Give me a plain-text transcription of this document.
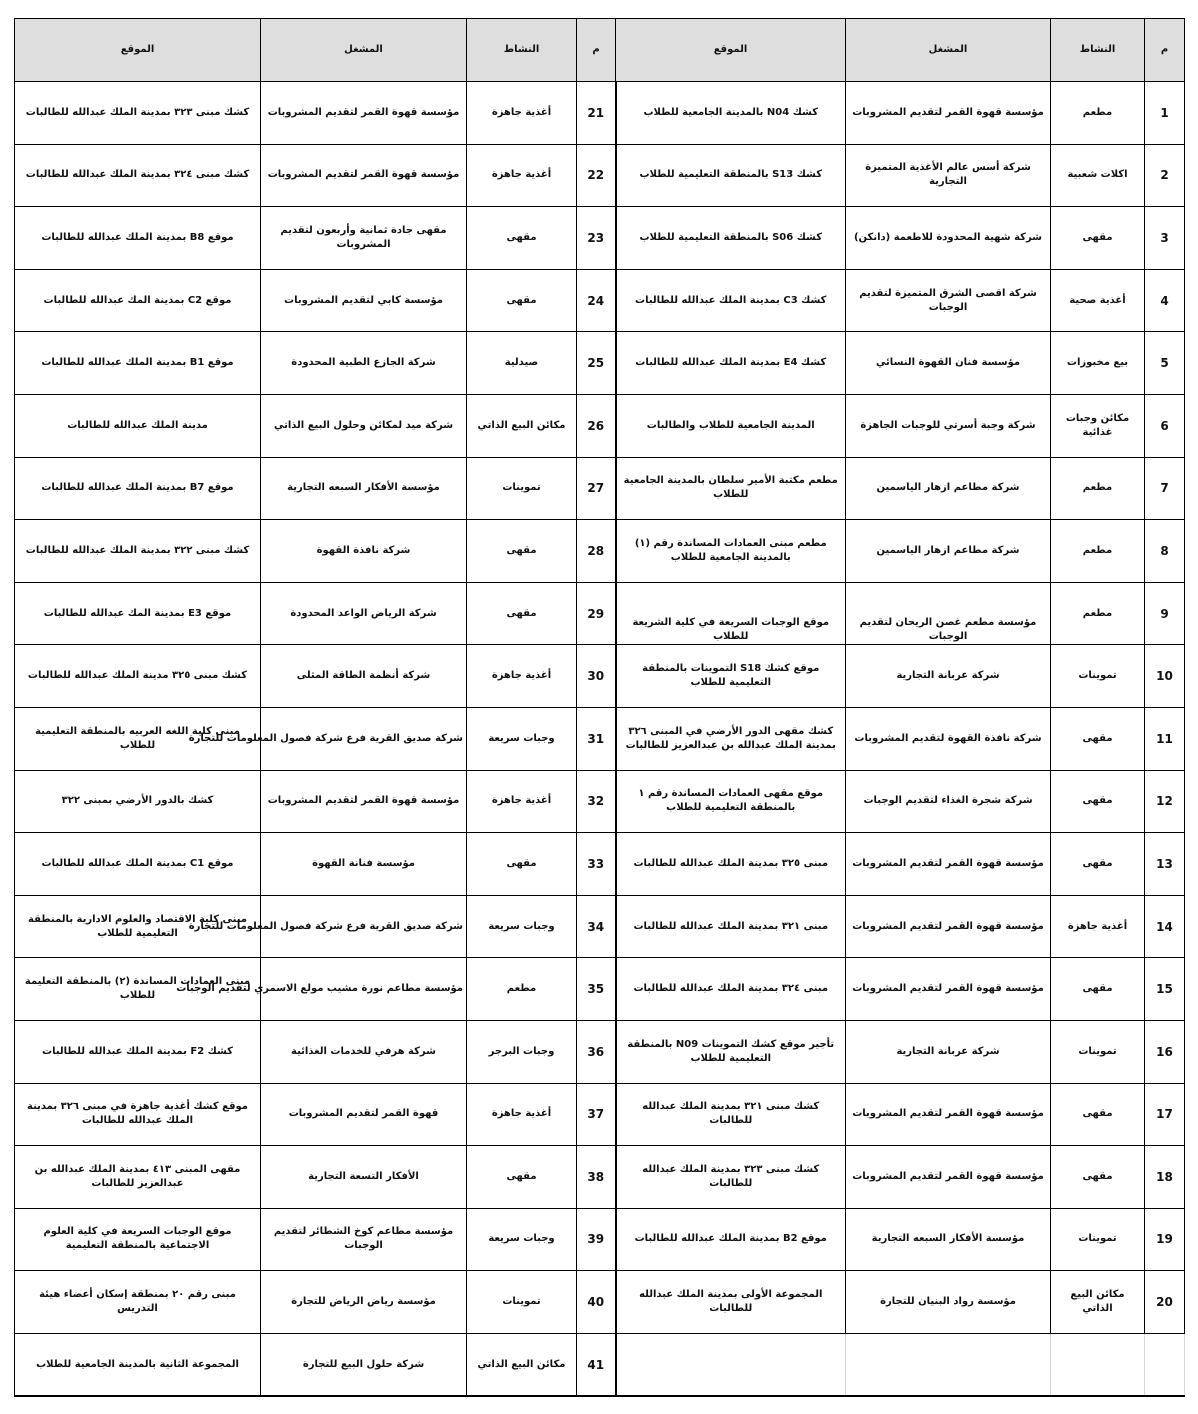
م	النشاط	المشغل	الموقع	م	النشاط	المشغل	الموقع
1	مطعم	مؤسسة قهوة القمر لتقديم المشروبات	كشك N04 بالمدينة الجامعية للطلاب	21	أغذية جاهزة	مؤسسة قهوة القمر لتقديم المشروبات	كشك مبنى ٣٢٣ بمدينة الملك عبدالله للطالبات
2	اكلات شعبية	شركة أسس عالم الأغذية المتميزة التجارية	كشك S13 بالمنطقة التعليمية للطلاب	22	أغذية جاهزة	مؤسسة قهوة القمر لتقديم المشروبات	كشك مبنى ٣٢٤ بمدينة الملك عبدالله للطالبات
3	مقهى	شركة شهية المحدودة للاطعمة (دانكن)	كشك S06 بالمنطقة التعليمية للطلاب	23	مقهى	مقهى جادة ثمانية وأربعون لتقديم المشروبات	موقع B8 بمدينة الملك عبدالله للطالبات
4	أغذية صحية	شركة اقصى الشرق المتميزة لتقديم الوجبات	كشك C3 بمدينة الملك عبدالله للطالبات	24	مقهى	مؤسسة كابي لتقديم المشروبات	موقع C2 بمدينة المك عبدالله للطالبات
5	بيع مخبوزات	مؤسسة فنان القهوة النسائي	كشك E4 بمدينة الملك عبدالله للطالبات	25	صيدلية	شركة الجازع الطبية المحدودة	موقع B1 بمدينة الملك عبدالله للطالبات
6	مكائن وجبات غذائية	شركة وجبة أسرتي للوجبات الجاهزة	المدينة الجامعية للطلاب والطالبات	26	مكائن البيع الذاتي	شركة ميد لمكائن وحلول البيع الذاتي	مدينة الملك عبدالله للطالبات
7	مطعم	شركة مطاعم ازهار الياسمين	مطعم مكتبة الأمير سلطان بالمدينة الجامعية للطلاب	27	تموينات	مؤسسة الأفكار السبعه التجارية	موقع B7 بمدينة الملك عبدالله للطالبات
8	مطعم	شركة مطاعم ازهار الياسمين	مطعم مبنى العمادات المساندة رقم (١) بالمدينة الجامعية للطلاب	28	مقهى	شركة نافذة القهوة	كشك مبنى ٣٢٢ بمدينة الملك عبدالله للطالبات
9	مطعم	مؤسسة مطعم غصن الريحان لتقديم الوجبات	موقع الوجبات السريعة في كلية الشريعة للطلاب	29	مقهى	شركة الرياض الواعد المحدودة	موقع E3 بمدينة المك عبدالله للطالبات
10	تموينات	شركة عربانة التجارية	موقع كشك S18 التموينات بالمنطقة التعليمية للطلاب	30	أغذية جاهزة	شركة أنظمة الطاقة المثلى	كشك مبنى ٣٢٥ مدينة الملك عبدالله للطالبات
11	مقهى	شركة نافذة القهوة لتقديم المشروبات	كشك مقهى الدور الأرضي في المبنى ٣٢٦ بمدينة الملك عبدالله بن عبدالعزيز للطالبات	31	وجبات سريعة	شركة صديق القرية فرع شركة فصول المعلومات للتجارة	مبنى كلية اللغه العربيه بالمنطقة التعليمية للطلاب
12	مقهى	شركة شجرة الغذاء لتقديم الوجبات	موقع مقهى العمادات المساندة رقم ١ بالمنطقة التعليمية للطلاب	32	أغذية جاهزة	مؤسسة قهوة القمر لتقديم المشروبات	كشك بالدور الأرضي بمبنى ٣٢٢
13	مقهى	مؤسسة قهوة القمر لتقديم المشروبات	مبنى ٣٢٥ بمدينة الملك عبدالله للطالبات	33	مقهى	مؤسسة فنانة القهوة	موقع C1 بمدينة الملك عبدالله للطالبات
14	أغذية جاهزة	مؤسسة قهوة القمر لتقديم المشروبات	مبنى ٣٢١ بمدينة الملك عبدالله للطالبات	34	وجبات سريعة	شركة صديق القرية فرع شركة فصول المعلومات للتجارة	مبنى كلية الاقتصاد والعلوم الادارية بالمنطقة التعليمية للطلاب
15	مقهى	مؤسسة قهوة القمر لتقديم المشروبات	مبنى ٣٢٤ بمدينة الملك عبدالله للطالبات	35	مطعم	مؤسسة مطاعم نورة مشيب مولع الاسمري لتقديم الوجبات	مبنى العمادات المساندة (٢) بالمنطقة التعليمة للطلاب
16	تموينات	شركة عربانة التجارية	تأجير موقع كشك التموينات N09 بالمنطقة التعليمية للطلاب	36	وجبات البرجر	شركة هرفي للخدمات الغذائية	كشك F2 بمدينة الملك عبدالله للطالبات
17	مقهى	مؤسسة قهوة القمر لتقديم المشروبات	كشك مبنى ٣٢١ بمدينة الملك عبدالله للطالبات	37	أغذية جاهزة	قهوة القمر لتقديم المشروبات	موقع كشك أغذية جاهزة في مبنى ٣٢٦ بمدينة الملك عبدالله للطالبات
18	مقهى	مؤسسة قهوة القمر لتقديم المشروبات	كشك مبنى ٣٢٣ بمدينة الملك عبدالله للطالبات	38	مقهى	الأفكار التسعة التجارية	مقهى المبنى ٤١٣ بمدينة الملك عبدالله بن عبدالعزيز للطالبات
19	تموينات	مؤسسة الأفكار السبعه التجارية	موقع B2 بمدينة الملك عبدالله للطالبات	39	وجبات سريعة	مؤسسة مطاعم كوخ الشطائر لتقديم الوجبات	موقع الوجبات السريعة في كلية العلوم الاجتماعية بالمنطقة التعليمية
20	مكائن البيع الذاتي	مؤسسة رواد البنيان للتجارة	المجموعة الأولى بمدينة الملك عبدالله للطالبات	40	تموينات	مؤسسة رياض الرياض للتجارة	مبنى رقم ٢٠ بمنطقة إسكان أعضاء هيئة التدريس
				41	مكائن البيع الذاتي	شركة حلول البيع للتجارة	المجموعة الثانية بالمدينة الجامعية للطلاب
